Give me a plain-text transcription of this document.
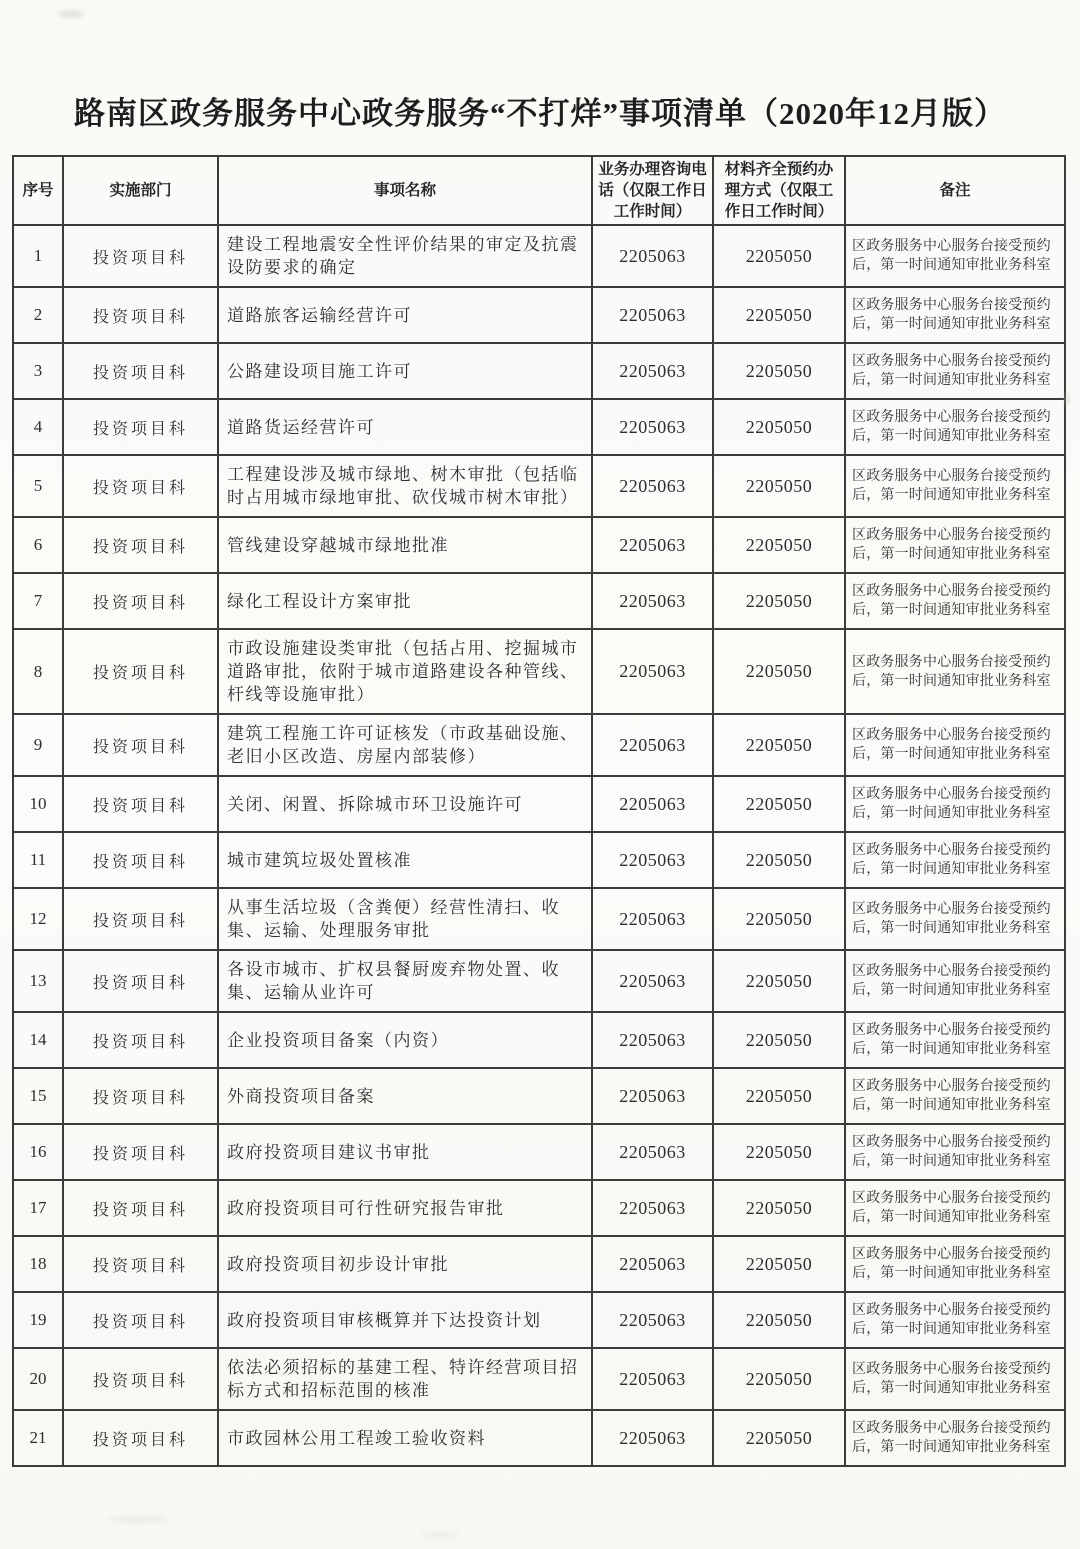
路南区政务服务中心政务服务“不打烊”事项清单（2020年12月版）
序号	实施部门	事项名称	业务办理咨询电话（仅限工作日工作时间）	材料齐全预约办理方式（仅限工作日工作时间）	备注
1	投资项目科	建设工程地震安全性评价结果的审定及抗震设防要求的确定	2205063	2205050	区政务服务中心服务台接受预约后，第一时间通知审批业务科室
2	投资项目科	道路旅客运输经营许可	2205063	2205050	区政务服务中心服务台接受预约后，第一时间通知审批业务科室
3	投资项目科	公路建设项目施工许可	2205063	2205050	区政务服务中心服务台接受预约后，第一时间通知审批业务科室
4	投资项目科	道路货运经营许可	2205063	2205050	区政务服务中心服务台接受预约后，第一时间通知审批业务科室
5	投资项目科	工程建设涉及城市绿地、树木审批（包括临时占用城市绿地审批、砍伐城市树木审批）	2205063	2205050	区政务服务中心服务台接受预约后，第一时间通知审批业务科室
6	投资项目科	管线建设穿越城市绿地批准	2205063	2205050	区政务服务中心服务台接受预约后，第一时间通知审批业务科室
7	投资项目科	绿化工程设计方案审批	2205063	2205050	区政务服务中心服务台接受预约后，第一时间通知审批业务科室
8	投资项目科	市政设施建设类审批（包括占用、挖掘城市道路审批，依附于城市道路建设各种管线、杆线等设施审批）	2205063	2205050	区政务服务中心服务台接受预约后，第一时间通知审批业务科室
9	投资项目科	建筑工程施工许可证核发（市政基础设施、老旧小区改造、房屋内部装修）	2205063	2205050	区政务服务中心服务台接受预约后，第一时间通知审批业务科室
10	投资项目科	关闭、闲置、拆除城市环卫设施许可	2205063	2205050	区政务服务中心服务台接受预约后，第一时间通知审批业务科室
11	投资项目科	城市建筑垃圾处置核准	2205063	2205050	区政务服务中心服务台接受预约后，第一时间通知审批业务科室
12	投资项目科	从事生活垃圾（含粪便）经营性清扫、收集、运输、处理服务审批	2205063	2205050	区政务服务中心服务台接受预约后，第一时间通知审批业务科室
13	投资项目科	各设市城市、扩权县餐厨废弃物处置、收集、运输从业许可	2205063	2205050	区政务服务中心服务台接受预约后，第一时间通知审批业务科室
14	投资项目科	企业投资项目备案（内资）	2205063	2205050	区政务服务中心服务台接受预约后，第一时间通知审批业务科室
15	投资项目科	外商投资项目备案	2205063	2205050	区政务服务中心服务台接受预约后，第一时间通知审批业务科室
16	投资项目科	政府投资项目建议书审批	2205063	2205050	区政务服务中心服务台接受预约后，第一时间通知审批业务科室
17	投资项目科	政府投资项目可行性研究报告审批	2205063	2205050	区政务服务中心服务台接受预约后，第一时间通知审批业务科室
18	投资项目科	政府投资项目初步设计审批	2205063	2205050	区政务服务中心服务台接受预约后，第一时间通知审批业务科室
19	投资项目科	政府投资项目审核概算并下达投资计划	2205063	2205050	区政务服务中心服务台接受预约后，第一时间通知审批业务科室
20	投资项目科	依法必须招标的基建工程、特许经营项目招标方式和招标范围的核准	2205063	2205050	区政务服务中心服务台接受预约后，第一时间通知审批业务科室
21	投资项目科	市政园林公用工程竣工验收资料	2205063	2205050	区政务服务中心服务台接受预约后，第一时间通知审批业务科室
